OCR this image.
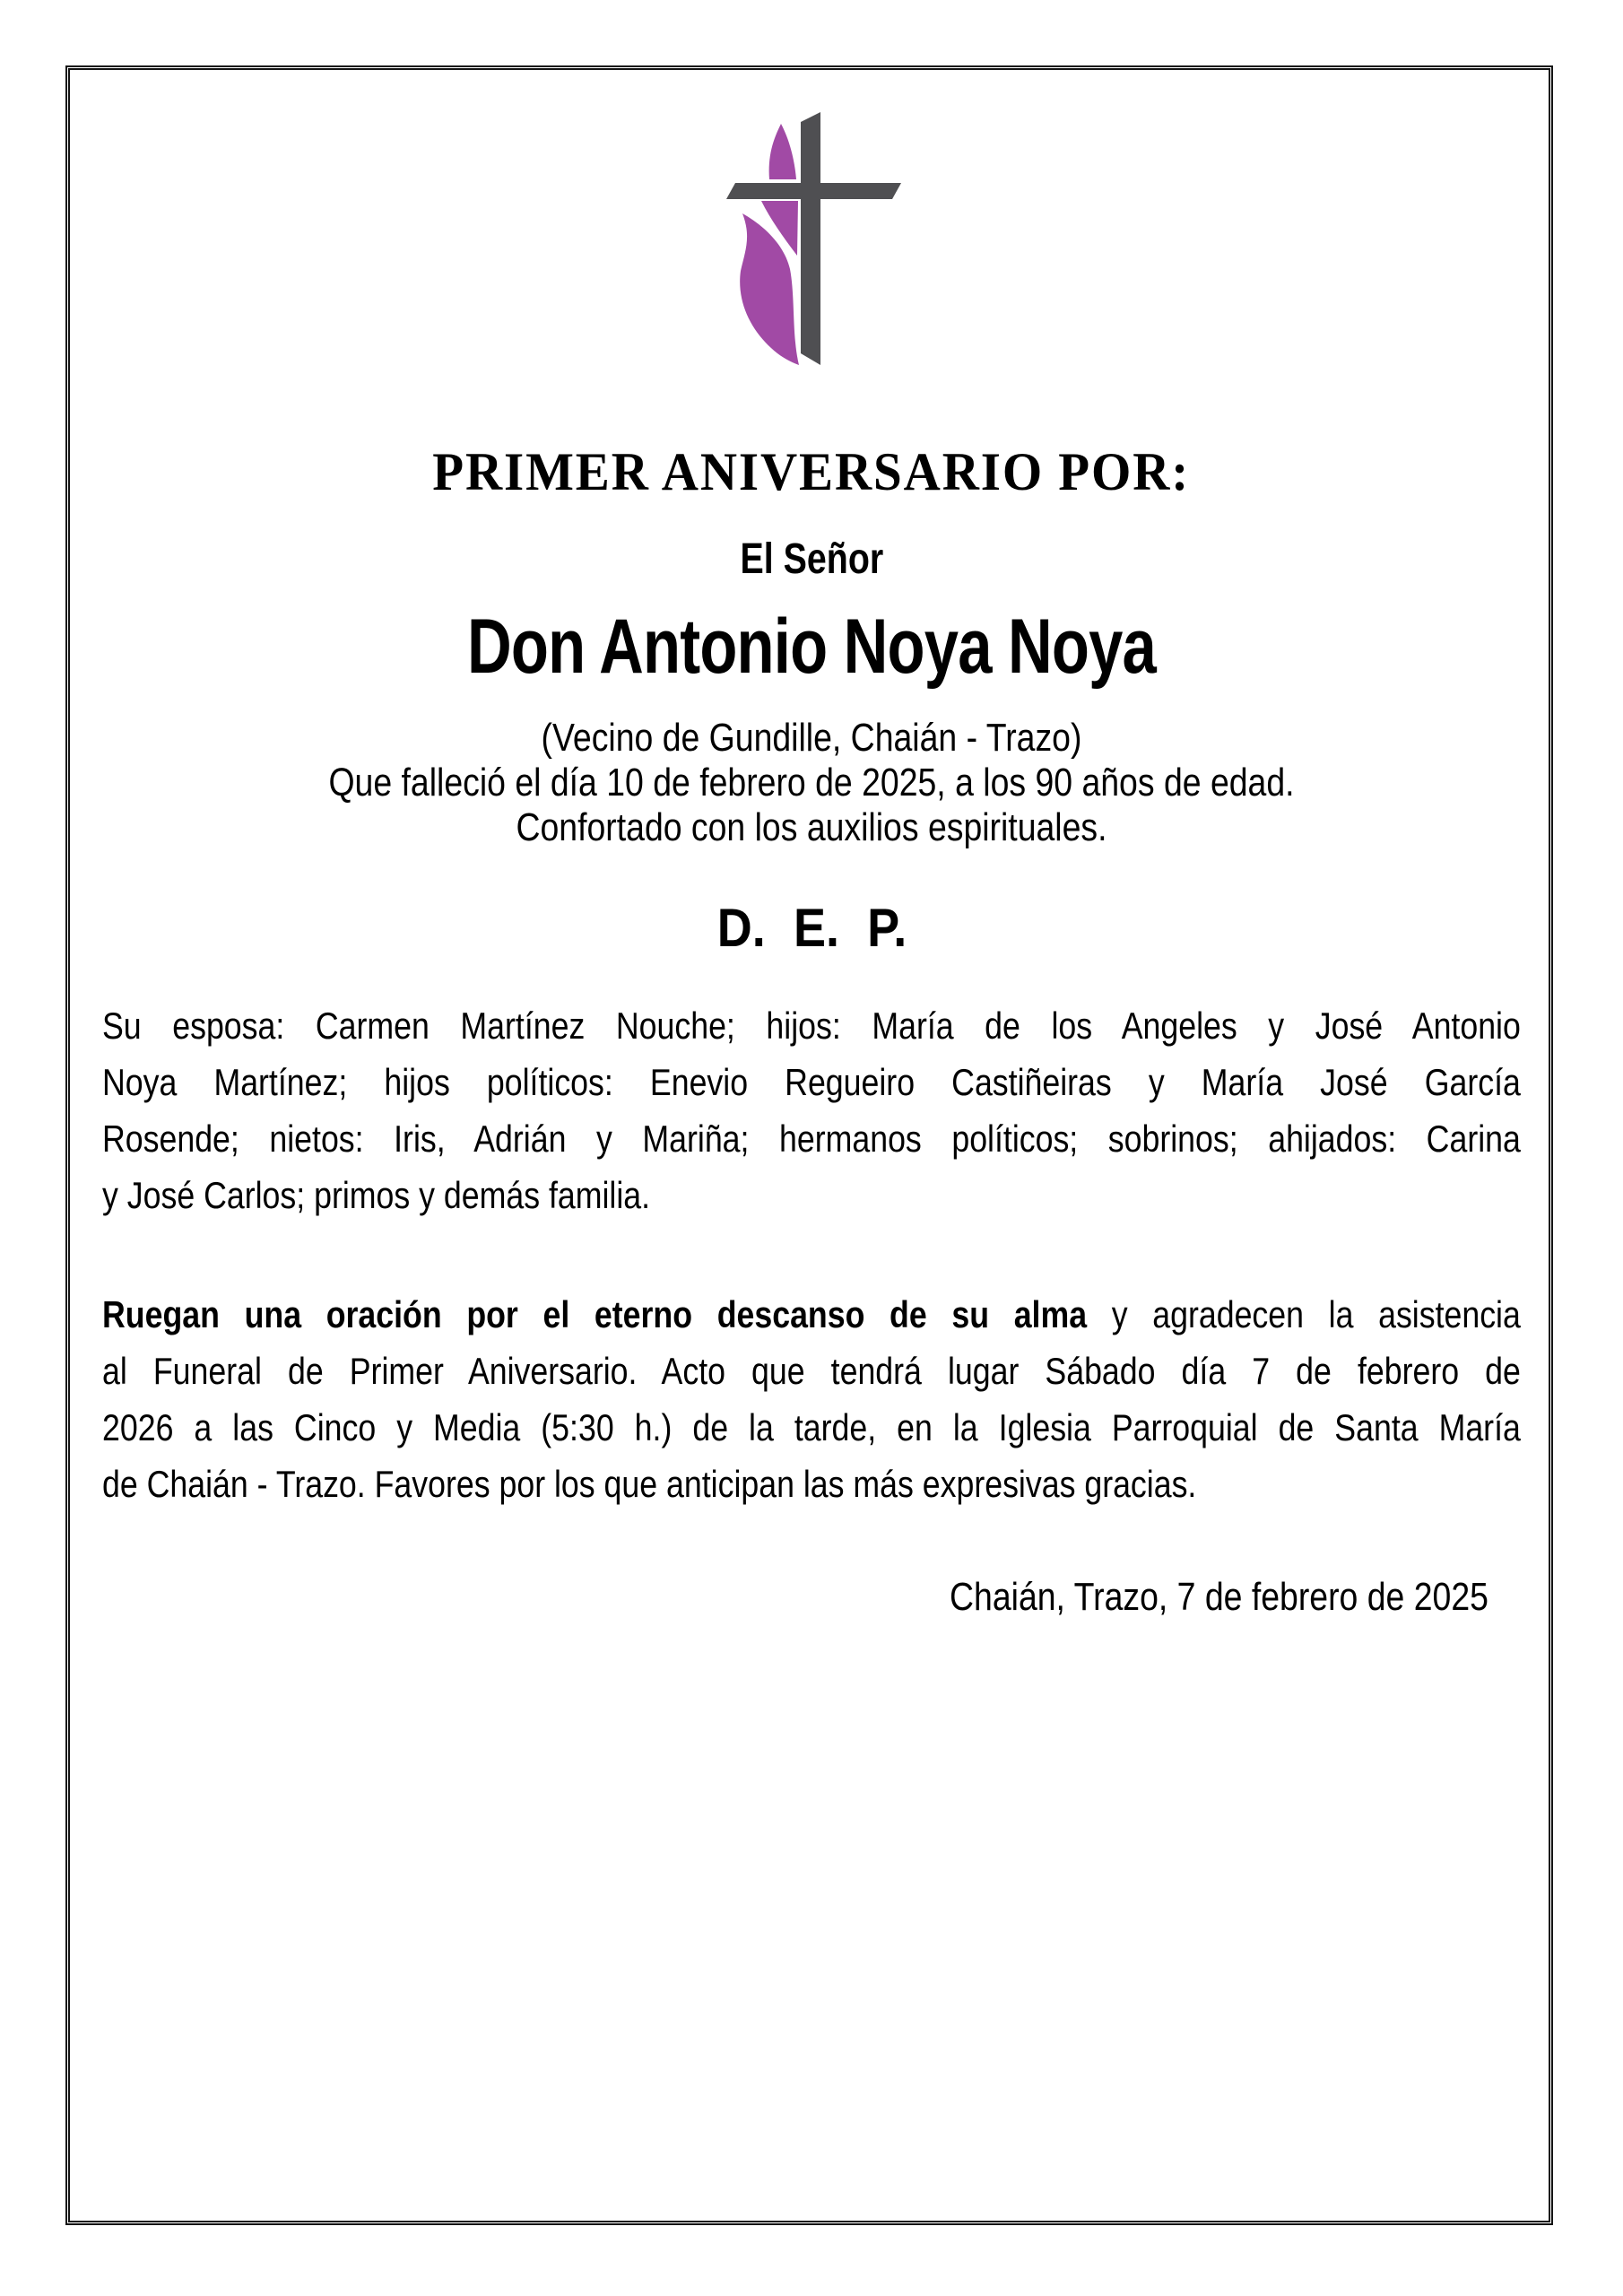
PRIMER ANIVERSARIO POR:
El Señor
Don Antonio Noya Noya
(Vecino de Gundille, Chaián - Trazo)
Que falleció el día 10 de febrero de 2025, a los 90 años de edad.
Confortado con los auxilios espirituales.
D. E. P.
Su esposa: Carmen Martínez Nouche; hijos: María de los Angeles y José Antonio
Noya Martínez; hijos políticos: Enevio Regueiro Castiñeiras y María José García
Rosende; nietos: Iris, Adrián y Mariña; hermanos políticos; sobrinos; ahijados: Carina
y José Carlos; primos y demás familia.
Ruegan una oración por el eterno descanso de su alma y agradecen la asistencia
al Funeral de Primer Aniversario. Acto que tendrá lugar Sábado día 7 de febrero de
2026 a las Cinco y Media (5:30 h.) de la tarde, en la Iglesia Parroquial de Santa María
de Chaián - Trazo. Favores por los que anticipan las más expresivas gracias.
Chaián, Trazo, 7 de febrero de 2025
